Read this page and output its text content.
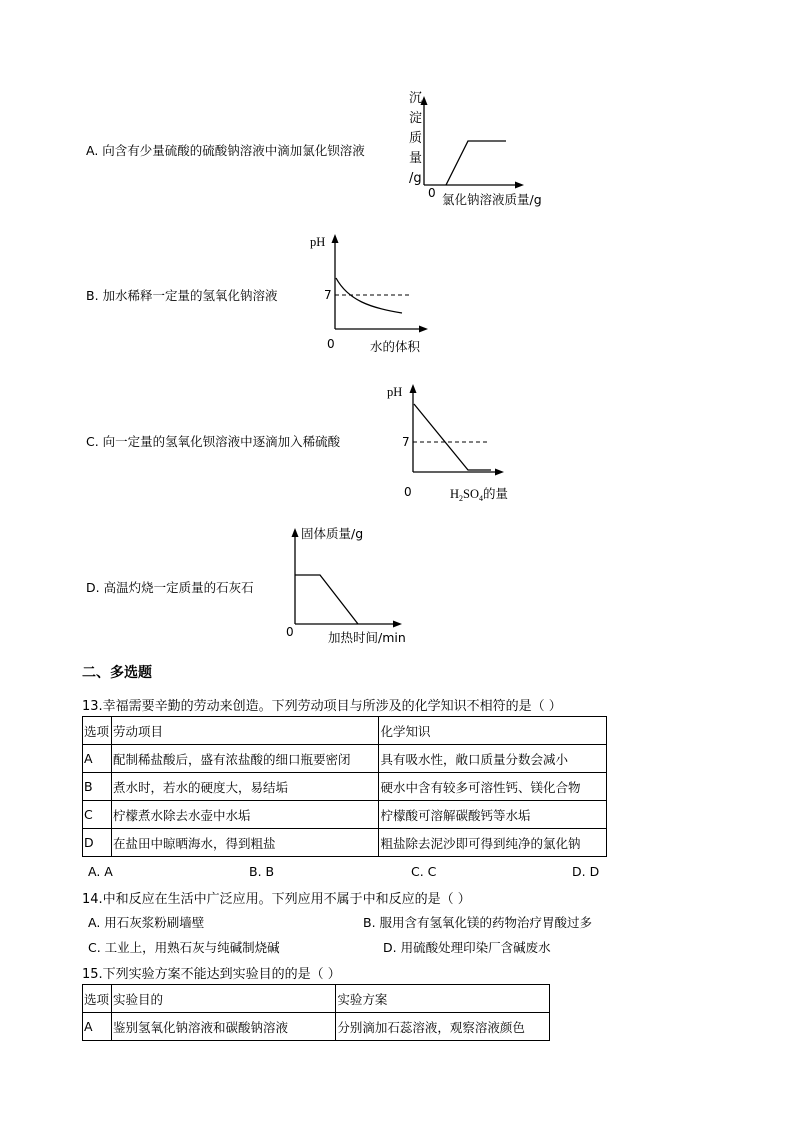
A. 向含有少量硫酸的硫酸钠溶液中滴加氯化钡溶液
沉
淀
质
量
/g
0 氯化钠溶液质量/g
B. 加水稀释一定量的氢氧化钠溶液
pH
7
0	水的体积
C. 向一定量的氢氧化钡溶液中逐滴加入稀硫酸
pH
7
0	$H_2SO_4$的量
D. 高温灼烧一定质量的石灰石
固体质量/g
0	加热时间/min
二、多选题
13.幸福需要辛勤的劳动来创造。下列劳动项目与所涉及的化学知识不相符的是（ ）
选项	劳动项目	化学知识
A	配制稀盐酸后，盛有浓盐酸的细口瓶要密闭	具有吸水性，敞口质量分数会减小
B	煮水时，若水的硬度大，易结垢	硬水中含有较多可溶性钙、镁化合物
C	柠檬煮水除去水壶中水垢	柠檬酸可溶解碳酸钙等水垢
D	在盐田中晾晒海水，得到粗盐	粗盐除去泥沙即可得到纯净的氯化钠
A. A	B. B	C. C	D. D
14.中和反应在生活中广泛应用。下列应用不属于中和反应的是（ ）
A. 用石灰浆粉刷墙壁	B. 服用含有氢氧化镁的药物治疗胃酸过多
C. 工业上，用熟石灰与纯碱制烧碱	D. 用硫酸处理印染厂含碱废水
15.下列实验方案不能达到实验目的的是（ ）
选项	实验目的	实验方案
A	鉴别氢氧化钠溶液和碳酸钠溶液	分别滴加石蕊溶液，观察溶液颜色
